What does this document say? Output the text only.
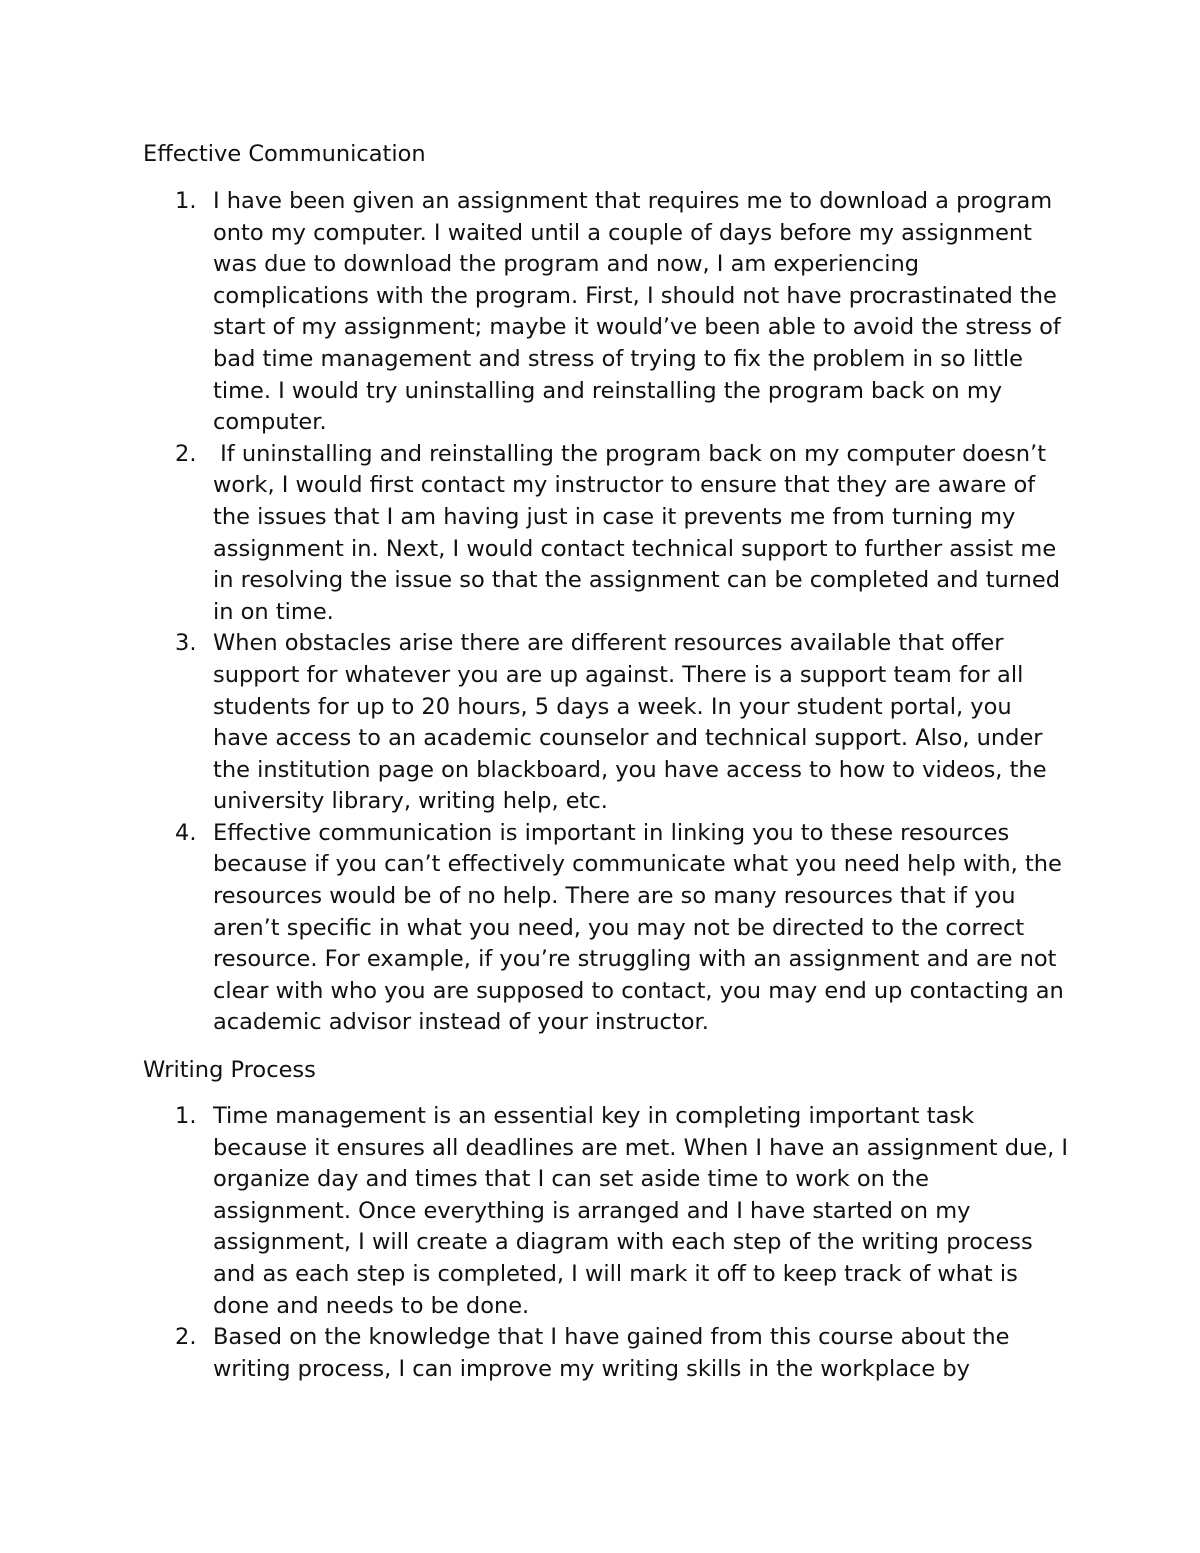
Effective Communication
1. I have been given an assignment that requires me to download a program onto my computer. I waited until a couple of days before my assignment was due to download the program and now, I am experiencing complications with the program. First, I should not have procrastinated the start of my assignment; maybe it would’ve been able to avoid the stress of bad time management and stress of trying to fix the problem in so little time. I would try uninstalling and reinstalling the program back on my computer.
2. If uninstalling and reinstalling the program back on my computer doesn’t work, I would first contact my instructor to ensure that they are aware of the issues that I am having just in case it prevents me from turning my assignment in. Next, I would contact technical support to further assist me in resolving the issue so that the assignment can be completed and turned in on time.
3. When obstacles arise there are different resources available that offer support for whatever you are up against. There is a support team for all students for up to 20 hours, 5 days a week. In your student portal, you have access to an academic counselor and technical support. Also, under the institution page on blackboard, you have access to how to videos, the university library, writing help, etc.
4. Effective communication is important in linking you to these resources because if you can’t effectively communicate what you need help with, the resources would be of no help. There are so many resources that if you aren’t specific in what you need, you may not be directed to the correct resource. For example, if you’re struggling with an assignment and are not clear with who you are supposed to contact, you may end up contacting an academic advisor instead of your instructor.
Writing Process
1. Time management is an essential key in completing important task because it ensures all deadlines are met. When I have an assignment due, I organize day and times that I can set aside time to work on the assignment. Once everything is arranged and I have started on my assignment, I will create a diagram with each step of the writing process and as each step is completed, I will mark it off to keep track of what is done and needs to be done.
2. Based on the knowledge that I have gained from this course about the writing process, I can improve my writing skills in the workplace by
